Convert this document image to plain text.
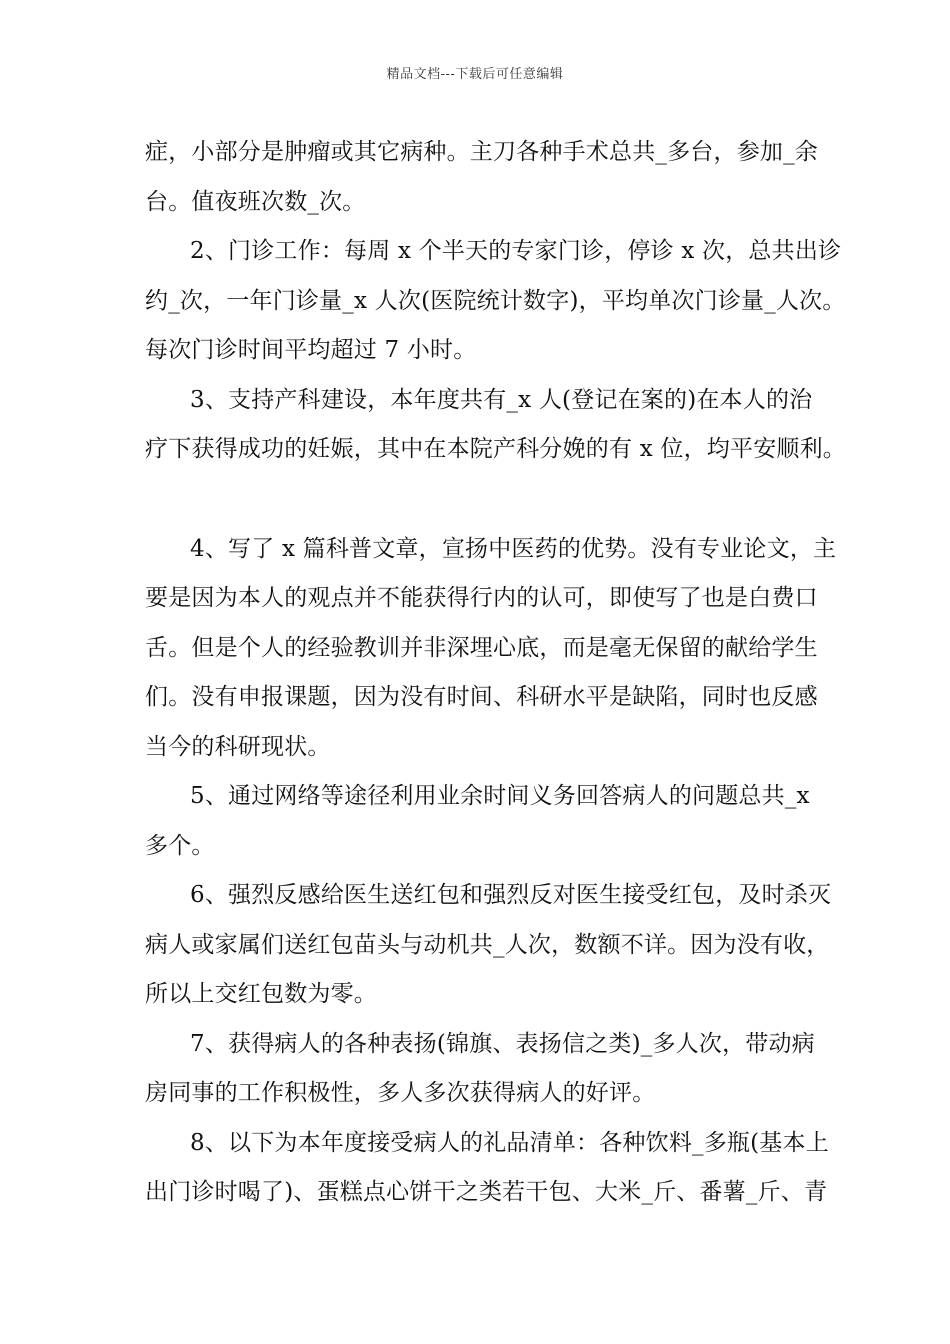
精品文档---下载后可任意编辑
症，小部分是肿瘤或其它病种。主刀各种手术总共_多台，参加_余
台。值夜班次数_次。
2、门诊工作：每周 x 个半天的专家门诊，停诊 x 次，总共出诊
约_次，一年门诊量_x 人次(医院统计数字)，平均单次门诊量_人次。
每次门诊时间平均超过 7 小时。
3、支持产科建设，本年度共有_x 人(登记在案的)在本人的治
疗下获得成功的妊娠，其中在本院产科分娩的有 x 位，均平安顺利。
4、写了 x 篇科普文章，宣扬中医药的优势。没有专业论文，主
要是因为本人的观点并不能获得行内的认可，即使写了也是白费口
舌。但是个人的经验教训并非深埋心底，而是毫无保留的献给学生
们。没有申报课题，因为没有时间、科研水平是缺陷，同时也反感
当今的科研现状。
5、通过网络等途径利用业余时间义务回答病人的问题总共_x
多个。
6、强烈反感给医生送红包和强烈反对医生接受红包，及时杀灭
病人或家属们送红包苗头与动机共_人次，数额不详。因为没有收，
所以上交红包数为零。
7、获得病人的各种表扬(锦旗、表扬信之类)_多人次，带动病
房同事的工作积极性，多人多次获得病人的好评。
8、以下为本年度接受病人的礼品清单：各种饮料_多瓶(基本上
出门诊时喝了)、蛋糕点心饼干之类若干包、大米_斤、番薯_斤、青
